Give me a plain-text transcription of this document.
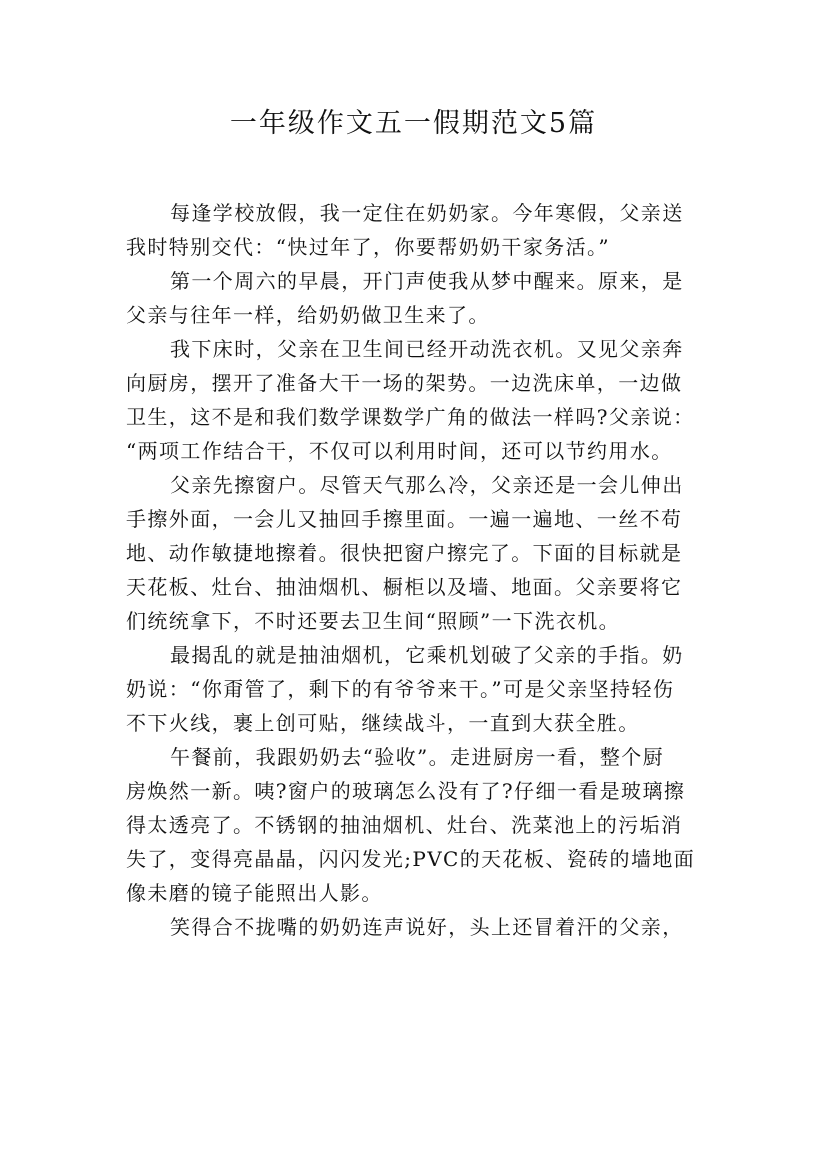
一年级作文五一假期范文5篇
每逢学校放假，我一定住在奶奶家。今年寒假，父亲送
我时特别交代：“快过年了，你要帮奶奶干家务活。”
第一个周六的早晨，开门声使我从梦中醒来。原来，是
父亲与往年一样，给奶奶做卫生来了。
我下床时，父亲在卫生间已经开动洗衣机。又见父亲奔
向厨房，摆开了准备大干一场的架势。一边洗床单，一边做
卫生，这不是和我们数学课数学广角的做法一样吗?父亲说：
“两项工作结合干，不仅可以利用时间，还可以节约用水。
父亲先擦窗户。尽管天气那么冷，父亲还是一会儿伸出
手擦外面，一会儿又抽回手擦里面。一遍一遍地、一丝不苟
地、动作敏捷地擦着。很快把窗户擦完了。下面的目标就是
天花板、灶台、抽油烟机、橱柜以及墙、地面。父亲要将它
们统统拿下，不时还要去卫生间“照顾”一下洗衣机。
最揭乱的就是抽油烟机，它乘机划破了父亲的手指。奶
奶说：“你甭管了，剩下的有爷爷来干。”可是父亲坚持轻伤
不下火线，裹上创可贴，继续战斗，一直到大获全胜。
午餐前，我跟奶奶去“验收”。走进厨房一看，整个厨
房焕然一新。咦?窗户的玻璃怎么没有了?仔细一看是玻璃擦
得太透亮了。不锈钢的抽油烟机、灶台、洗菜池上的污垢消
失了，变得亮晶晶，闪闪发光;PVC的天花板、瓷砖的墙地面
像未磨的镜子能照出人影。
笑得合不拢嘴的奶奶连声说好，头上还冒着汗的父亲，
